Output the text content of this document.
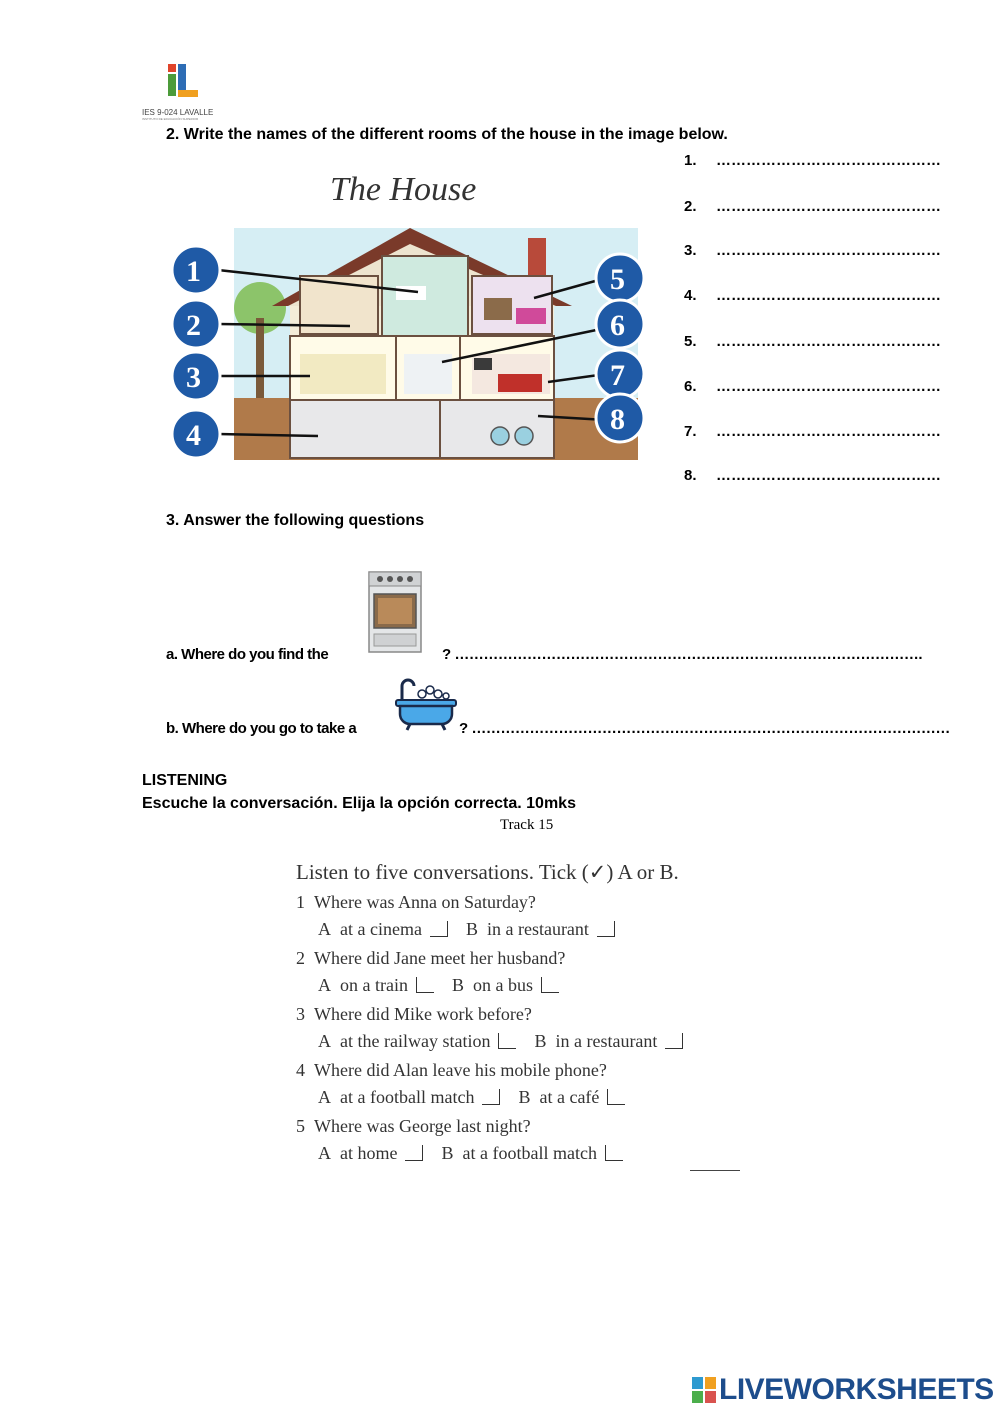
IES 9-024 LAVALLE
INSTITUTO DE EDUCACIÓN SUPERIOR
2. Write the names of the different rooms of the house in the image below.
The House
1
2
3
4
5
6
7
8
1. ………………………………………
2. ………………………………………
3. ………………………………………
4. ………………………………………
5. ………………………………………
6. ………………………………………
7. ………………………………………
8. ………………………………………
3. Answer the following questions
a. Where do you find the	? …………………………………………………………………………………….
b. Where do you go to take a	? ………………………………………………………………………………………
LISTENING
Escuche la conversación. Elija la opción correcta. 10mks
Track 15
Listen to five conversations. Tick (✓) A or B.
1 Where was Anna on Saturday?
A at a cinema B in a restaurant
2 Where did Jane meet her husband?
A on a train B on a bus
3 Where did Mike work before?
A at the railway station B in a restaurant
4 Where did Alan leave his mobile phone?
A at a football match B at a café
5 Where was George last night?
A at home B at a football match
LIVEWORKSHEETS
